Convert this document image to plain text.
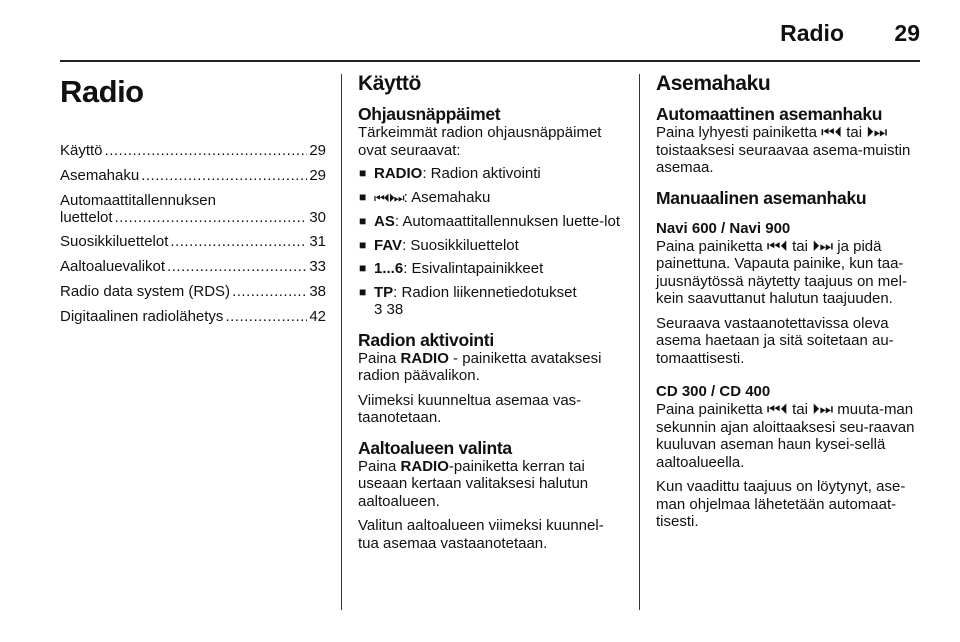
Radio 29
Radio
Käyttö .....	29
Asemahaku .....	29
Automaattitallennuksen
luettelot .....	30
Suosikkiluettelot .....	31
Aaltoaluevalikot .....	33
Radio data system (RDS) .....	38
Digitaalinen radiolähetys .....	42
Käyttö
Ohjausnäppäimet

Tärkeimmät radion ohjausnäppäimet ovat seuraavat:

■ RADIO: Radion aktivointi
■ ⏮⏴⏵⏭: Asemahaku
■ AS: Automaattitallennuksen luette-lot
■ FAV: Suosikkiluettelot
■ 1...6: Esivalintapainikkeet
■ TP: Radion liikennetiedotukset
3 38
Radion aktivointi

Paina RADIO - painiketta avataksesi radion päävalikon.

Viimeksi kuunneltua asemaa vas-taanotetaan.

Aaltoalueen valinta

Paina RADIO-painiketta kerran tai useaan kertaan valitaksesi halutun aaltoalueen.

Valitun aaltoalueen viimeksi kuunnel-tua asemaa vastaanotetaan.

Asemahaku
Automaattinen asemanhaku

Paina lyhyesti painiketta ⏮⏴ tai ⏵⏭ toistaaksesi seuraavaa asema-muistin asemaa.

Manuaalinen asemanhaku
Navi 600 / Navi 900

Paina painiketta ⏮⏴ tai ⏵⏭ ja pidä painettuna. Vapauta painike, kun taa-juusnäytössä näytetty taajuus on mel-kein saavuttanut halutun taajuuden.

Seuraava vastaanotettavissa oleva asema haetaan ja sitä soitetaan au-tomaattisesti.

CD 300 / CD 400

Paina painiketta ⏮⏴ tai ⏵⏭ muuta-man sekunnin ajan aloittaaksesi seu-raavan kuuluvan aseman haun kysei-sellä aaltoalueella.

Kun vaadittu taajuus on löytynyt, ase-man ohjelmaa lähetetään automaat-tisesti.
